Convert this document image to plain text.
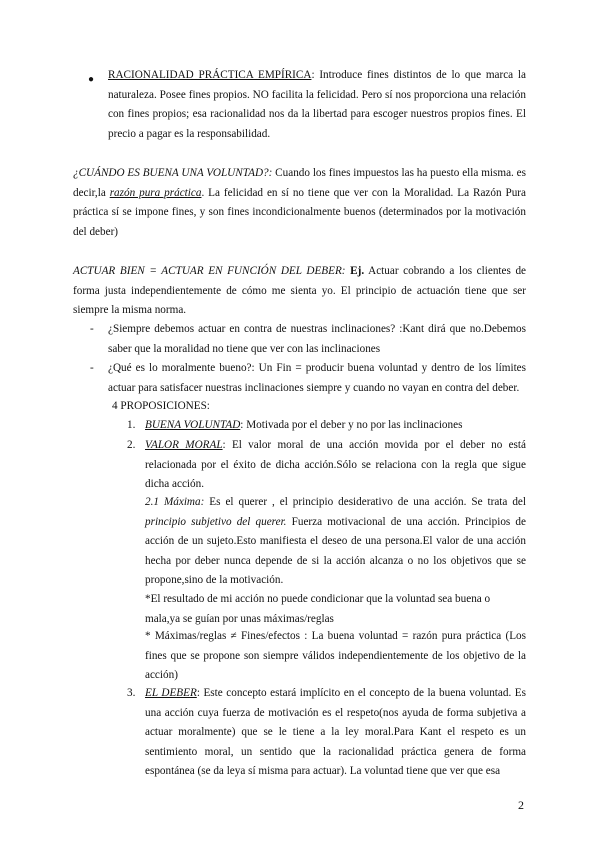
● RACIONALIDAD PRÁCTICA EMPÍRICA: Introduce fines distintos de lo que marca la naturaleza. Posee fines propios. NO facilita la felicidad. Pero sí nos proporciona una relación con fines propios; esa racionalidad nos da la libertad para escoger nuestros propios fines. El precio a pagar es la responsabilidad.
¿CUÁNDO ES BUENA UNA VOLUNTAD?: Cuando los fines impuestos las ha puesto ella misma. es decir,la razón pura práctica. La felicidad en sí no tiene que ver con la Moralidad. La Razón Pura práctica sí se impone fines, y son fines incondicionalmente buenos (determinados por la motivación del deber)
ACTUAR BIEN = ACTUAR EN FUNCIÓN DEL DEBER: Ej. Actuar cobrando a los clientes de forma justa independientemente de cómo me sienta yo. El principio de actuación tiene que ser siempre la misma norma.
- ¿Siempre debemos actuar en contra de nuestras inclinaciones? :Kant dirá que no.Debemos saber que la moralidad no tiene que ver con las inclinaciones
- ¿Qué es lo moralmente bueno?: Un Fin = producir buena voluntad y dentro de los límites actuar para satisfacer nuestras inclinaciones siempre y cuando no vayan en contra del deber.
4 PROPOSICIONES:
1. BUENA VOLUNTAD: Motivada por el deber y no por las inclinaciones
2. VALOR MORAL: El valor moral de una acción movida por el deber no está relacionada por el éxito de dicha acción.Sólo se relaciona con la regla que sigue dicha acción.
2.1 Máxima: Es el querer , el principio desiderativo de una acción. Se trata del principio subjetivo del querer. Fuerza motivacional de una acción. Principios de acción de un sujeto.Esto manifiesta el deseo de una persona.El valor de una acción hecha por deber nunca depende de si la acción alcanza o no los objetivos que se propone,sino de la motivación.
*El resultado de mi acción no puede condicionar que la voluntad sea buena o mala,ya se guían por unas máximas/reglas
* Máximas/reglas ≠ Fines/efectos : La buena voluntad = razón pura práctica (Los fines que se propone son siempre válidos independientemente de los objetivo de la acción)
3. EL DEBER: Este concepto estará implícito en el concepto de la buena voluntad. Es una acción cuya fuerza de motivación es el respeto(nos ayuda de forma subjetiva a actuar moralmente) que se le tiene a la ley moral.Para Kant el respeto es un sentimiento moral, un sentido que la racionalidad práctica genera de forma espontánea (se da leya sí misma para actuar). La voluntad tiene que ver que esa
2
